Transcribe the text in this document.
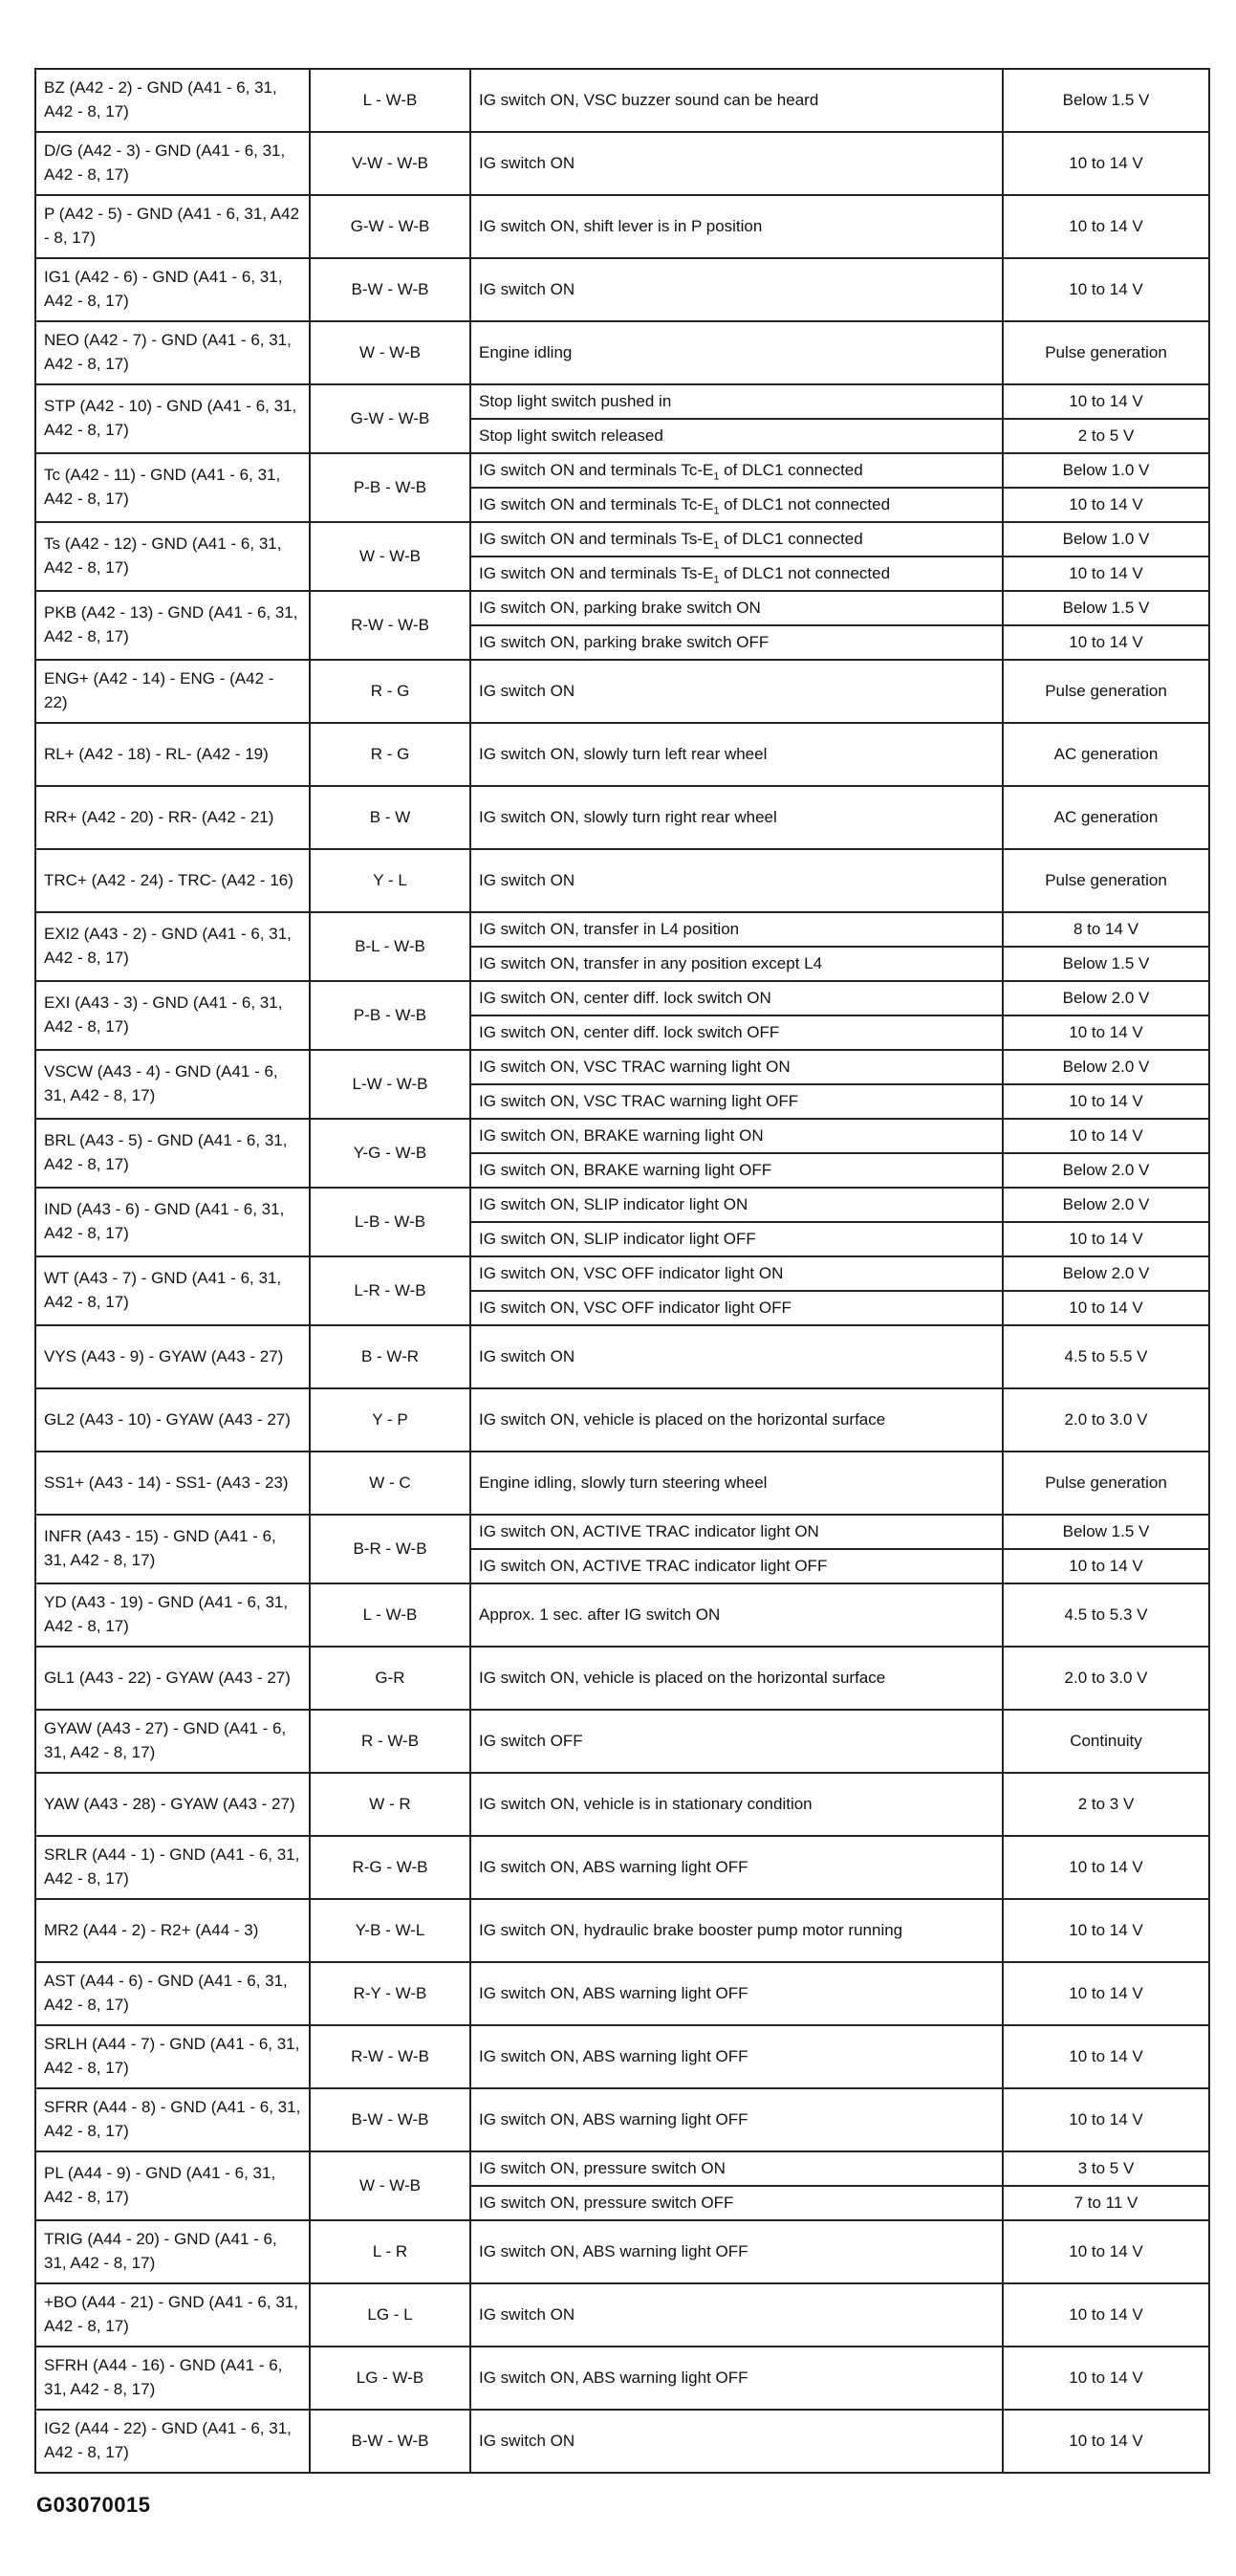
BZ (A42 - 2) - GND (A41 - 6, 31, A42 - 8, 17)	L - W-B	IG switch ON, VSC buzzer sound can be heard	Below 1.5 V
D/G (A42 - 3) - GND (A41 - 6, 31, A42 - 8, 17)	V-W - W-B	IG switch ON	10 to 14 V
P (A42 - 5) - GND (A41 - 6, 31, A42 - 8, 17)	G-W - W-B	IG switch ON, shift lever is in P position	10 to 14 V
IG1 (A42 - 6) - GND (A41 - 6, 31, A42 - 8, 17)	B-W - W-B	IG switch ON	10 to 14 V
NEO (A42 - 7) - GND (A41 - 6, 31, A42 - 8, 17)	W - W-B	Engine idling	Pulse generation
STP (A42 - 10) - GND (A41 - 6, 31, A42 - 8, 17)	G-W - W-B	Stop light switch pushed in	10 to 14 V
		Stop light switch released	2 to 5 V
Tc (A42 - 11) - GND (A41 - 6, 31, A42 - 8, 17)	P-B - W-B	IG switch ON and terminals $Tc-E_1$ of DLC1 connected	Below 1.0 V
		IG switch ON and terminals $Tc-E_1$ of DLC1 not connected	10 to 14 V
Ts (A42 - 12) - GND (A41 - 6, 31, A42 - 8, 17)	W - W-B	IG switch ON and terminals $Ts-E_1$ of DLC1 connected	Below 1.0 V
		IG switch ON and terminals $Ts-E_1$ of DLC1 not connected	10 to 14 V
PKB (A42 - 13) - GND (A41 - 6, 31, A42 - 8, 17)	R-W - W-B	IG switch ON, parking brake switch ON	Below 1.5 V
		IG switch ON, parking brake switch OFF	10 to 14 V
ENG+ (A42 - 14) - ENG - (A42 - 22)	R - G	IG switch ON	Pulse generation
RL+ (A42 - 18) - RL- (A42 - 19)	R - G	IG switch ON, slowly turn left rear wheel	AC generation
RR+ (A42 - 20) - RR- (A42 - 21)	B - W	IG switch ON, slowly turn right rear wheel	AC generation
TRC+ (A42 - 24) - TRC- (A42 - 16)	Y - L	IG switch ON	Pulse generation
EXI2 (A43 - 2) - GND (A41 - 6, 31, A42 - 8, 17)	B-L - W-B	IG switch ON, transfer in L4 position	8 to 14 V
		IG switch ON, transfer in any position except L4	Below 1.5 V
EXI (A43 - 3) - GND (A41 - 6, 31, A42 - 8, 17)	P-B - W-B	IG switch ON, center diff. lock switch ON	Below 2.0 V
		IG switch ON, center diff. lock switch OFF	10 to 14 V
VSCW (A43 - 4) - GND (A41 - 6, 31, A42 - 8, 17)	L-W - W-B	IG switch ON, VSC TRAC warning light ON	Below 2.0 V
		IG switch ON, VSC TRAC warning light OFF	10 to 14 V
BRL (A43 - 5) - GND (A41 - 6, 31, A42 - 8, 17)	Y-G - W-B	IG switch ON, BRAKE warning light ON	10 to 14 V
		IG switch ON, BRAKE warning light OFF	Below 2.0 V
IND (A43 - 6) - GND (A41 - 6, 31, A42 - 8, 17)	L-B - W-B	IG switch ON, SLIP indicator light ON	Below 2.0 V
		IG switch ON, SLIP indicator light OFF	10 to 14 V
WT (A43 - 7) - GND (A41 - 6, 31, A42 - 8, 17)	L-R - W-B	IG switch ON, VSC OFF indicator light ON	Below 2.0 V
		IG switch ON, VSC OFF indicator light OFF	10 to 14 V
VYS (A43 - 9) - GYAW (A43 - 27)	B - W-R	IG switch ON	4.5 to 5.5 V
GL2 (A43 - 10) - GYAW (A43 - 27)	Y - P	IG switch ON, vehicle is placed on the horizontal surface	2.0 to 3.0 V
SS1+ (A43 - 14) - SS1- (A43 - 23)	W - C	Engine idling, slowly turn steering wheel	Pulse generation
INFR (A43 - 15) - GND (A41 - 6, 31, A42 - 8, 17)	B-R - W-B	IG switch ON, ACTIVE TRAC indicator light ON	Below 1.5 V
		IG switch ON, ACTIVE TRAC indicator light OFF	10 to 14 V
YD (A43 - 19) - GND (A41 - 6, 31, A42 - 8, 17)	L - W-B	Approx. 1 sec. after IG switch ON	4.5 to 5.3 V
GL1 (A43 - 22) - GYAW (A43 - 27)	G-R	IG switch ON, vehicle is placed on the horizontal surface	2.0 to 3.0 V
GYAW (A43 - 27) - GND (A41 - 6, 31, A42 - 8, 17)	R - W-B	IG switch OFF	Continuity
YAW (A43 - 28) - GYAW (A43 - 27)	W - R	IG switch ON, vehicle is in stationary condition	2 to 3 V
SRLR (A44 - 1) - GND (A41 - 6, 31, A42 - 8, 17)	R-G - W-B	IG switch ON, ABS warning light OFF	10 to 14 V
MR2 (A44 - 2) - R2+ (A44 - 3)	Y-B - W-L	IG switch ON, hydraulic brake booster pump motor running	10 to 14 V
AST (A44 - 6) - GND (A41 - 6, 31, A42 - 8, 17)	R-Y - W-B	IG switch ON, ABS warning light OFF	10 to 14 V
SRLH (A44 - 7) - GND (A41 - 6, 31, A42 - 8, 17)	R-W - W-B	IG switch ON, ABS warning light OFF	10 to 14 V
SFRR (A44 - 8) - GND (A41 - 6, 31, A42 - 8, 17)	B-W - W-B	IG switch ON, ABS warning light OFF	10 to 14 V
PL (A44 - 9) - GND (A41 - 6, 31, A42 - 8, 17)	W - W-B	IG switch ON, pressure switch ON	3 to 5 V
		IG switch ON, pressure switch OFF	7 to 11 V
TRIG (A44 - 20) - GND (A41 - 6, 31, A42 - 8, 17)	L - R	IG switch ON, ABS warning light OFF	10 to 14 V
+BO (A44 - 21) - GND (A41 - 6, 31, A42 - 8, 17)	LG - L	IG switch ON	10 to 14 V
SFRH (A44 - 16) - GND (A41 - 6, 31, A42 - 8, 17)	LG - W-B	IG switch ON, ABS warning light OFF	10 to 14 V
IG2 (A44 - 22) - GND (A41 - 6, 31, A42 - 8, 17)	B-W - W-B	IG switch ON	10 to 14 V
G03070015
